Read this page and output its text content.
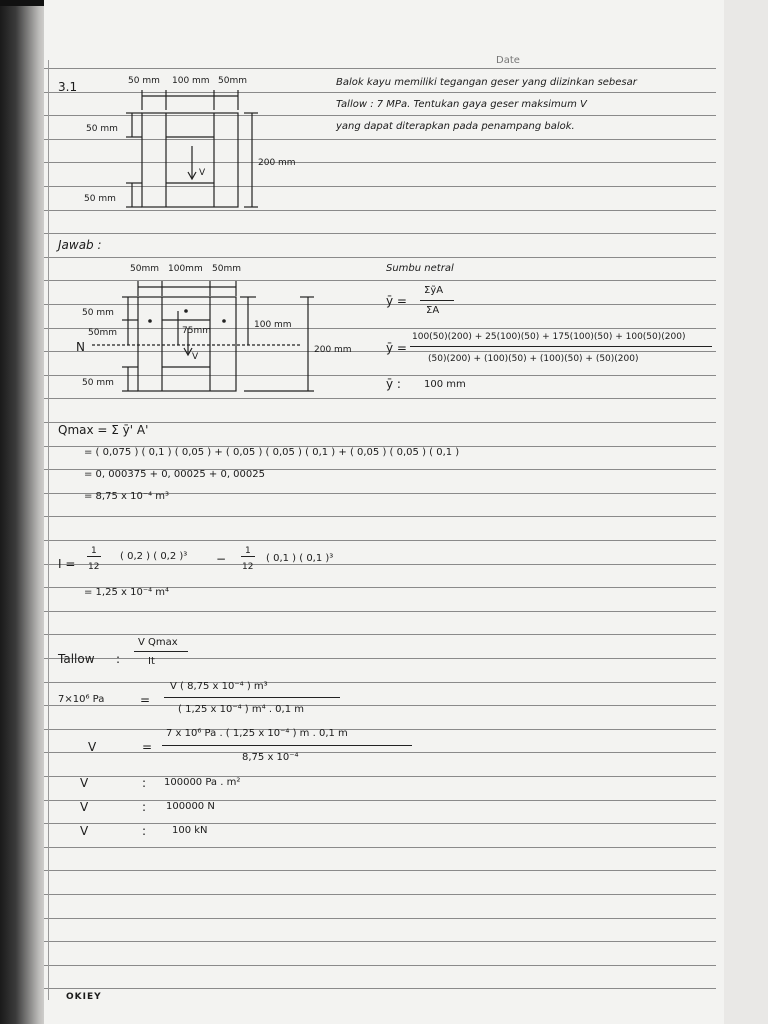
Date
3.1	50 mm 100 mm 50mm
50 mm
50 mm
200 mm
V
Balok kayu memiliki tegangan geser yang diizinkan sebesar
Tallow : 7 MPa. Tentukan gaya geser maksimum V
yang dapat diterapkan pada penampang balok.
Jawab :
50mm 100mm 50mm
50 mm
50mm
N
50 mm
75mm
V
100 mm
200 mm
Sumbu netral
ȳ =
ΣỹA
ΣA
ȳ =
100(50)(200) + 25(100)(50) + 175(100)(50) + 100(50)(200)
(50)(200) + (100)(50) + (100)(50) + (50)(200)
ȳ : 100 mm
Qmax = Σ ȳ' A'
= ( 0,075 ) ( 0,1 ) ( 0,05 ) + ( 0,05 ) ( 0,05 ) ( 0,1 ) + ( 0,05 ) ( 0,05 ) ( 0,1 )
= 0, 000375 + 0, 00025 + 0, 00025
= 8,75 x 10⁻⁴ m³
I =
1
12
( 0,2 ) ( 0,2 )³ −
1
12
( 0,1 ) ( 0,1 )³
= 1,25 x 10⁻⁴ m⁴
Tallow :
V Qmax
It
7×10⁶ Pa	=
V ( 8,75 x 10⁻⁴ ) m³
( 1,25 x 10⁻⁴ ) m⁴ . 0,1 m
V	=
7 x 10⁶ Pa . ( 1,25 x 10⁻⁴ ) m . 0,1 m
8,75 x 10⁻⁴
V	: 100000 Pa . m²
V	: 100000 N
V	:	100 kN
OKIEY
